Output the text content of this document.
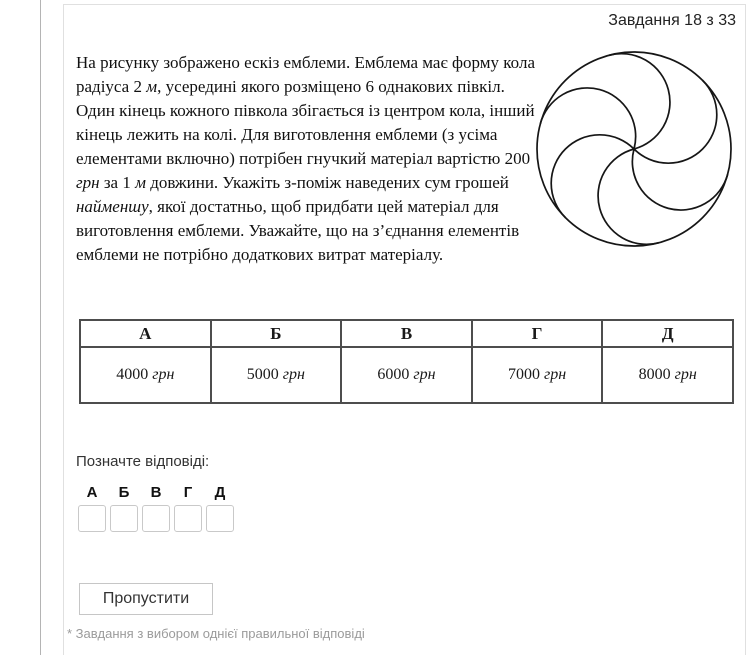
Завдання 18 з 33

На рисунку зображено ескіз емблеми. Емблема має форму кола радіуса 2 м, усередині якого розміщено 6 однакових півкіл. Один кінець кожного півкола збігається із центром кола, інший кінець лежить на колі. Для виготовлення емблеми (з усіма елементами включно) потрібен гнучкий матеріал вартістю 200 грн за 1 м довжини. Укажіть з-поміж наведених сум грошей найменшу, якої достатньо, щоб придбати цей матеріал для виготовлення емблеми. Уважайте, що на з’єднання елементів емблеми не потрібно додаткових витрат матеріалу.

А	Б	В	Г	Д
4000 грн	5000 грн	6000 грн	7000 грн	8000 грн
Позначте відповіді:
А	Б	В	Г	Д
Пропустити
* Завдання з вибором однієї правильної відповіді
